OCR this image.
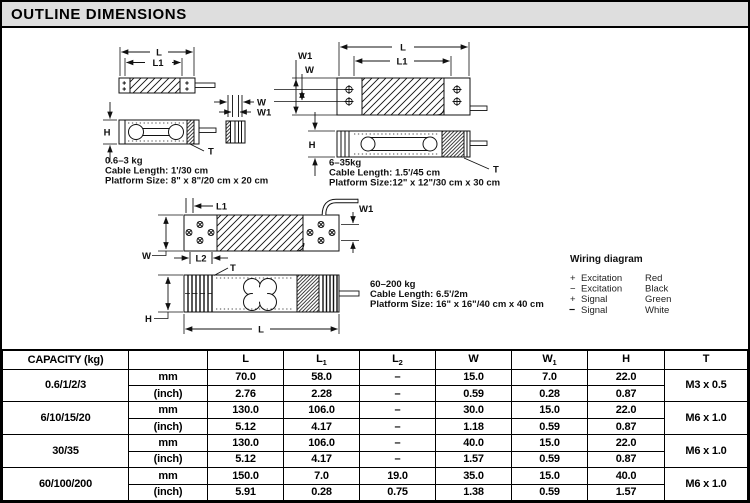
OUTLINE DIMENSIONS
L
L1
H
T
W
W1
0.6–3 kg
Cable Length: 1'/30 cm
Platform Size: 8" x 8"/20 cm x 20 cm
L
L1
W1
W
H
T
6–35kg
Cable Length: 1.5'/45 cm
Platform Size:12" x 12"/30 cm x 30 cm
L1	W1
W	L2
T
H
L
60–200 kg
Cable Length: 6.5'/2m
Platform Size: 16" x 16"/40 cm x 40 cm
Wiring diagram
+ Excitation Red
− Excitation Black
+ Signal	Green
− Signal	White
CAPACITY (kg)		L	$L_1$	$L_2$	W	$W_1$	H	T
0.6/1/2/3	mm	70.0	58.0	–	15.0	7.0	22.0	M3 x 0.5
	(inch)	2.76	2.28	–	0.59	0.28	0.87	
6/10/15/20	mm	130.0	106.0	–	30.0	15.0	22.0	M6 x 1.0
	(inch)	5.12	4.17	–	1.18	0.59	0.87	
30/35	mm	130.0	106.0	–	40.0	15.0	22.0	M6 x 1.0
	(inch)	5.12	4.17	–	1.57	0.59	0.87	
60/100/200	mm	150.0	7.0	19.0	35.0	15.0	40.0	M6 x 1.0
	(inch)	5.91	0.28	0.75	1.38	0.59	1.57	
